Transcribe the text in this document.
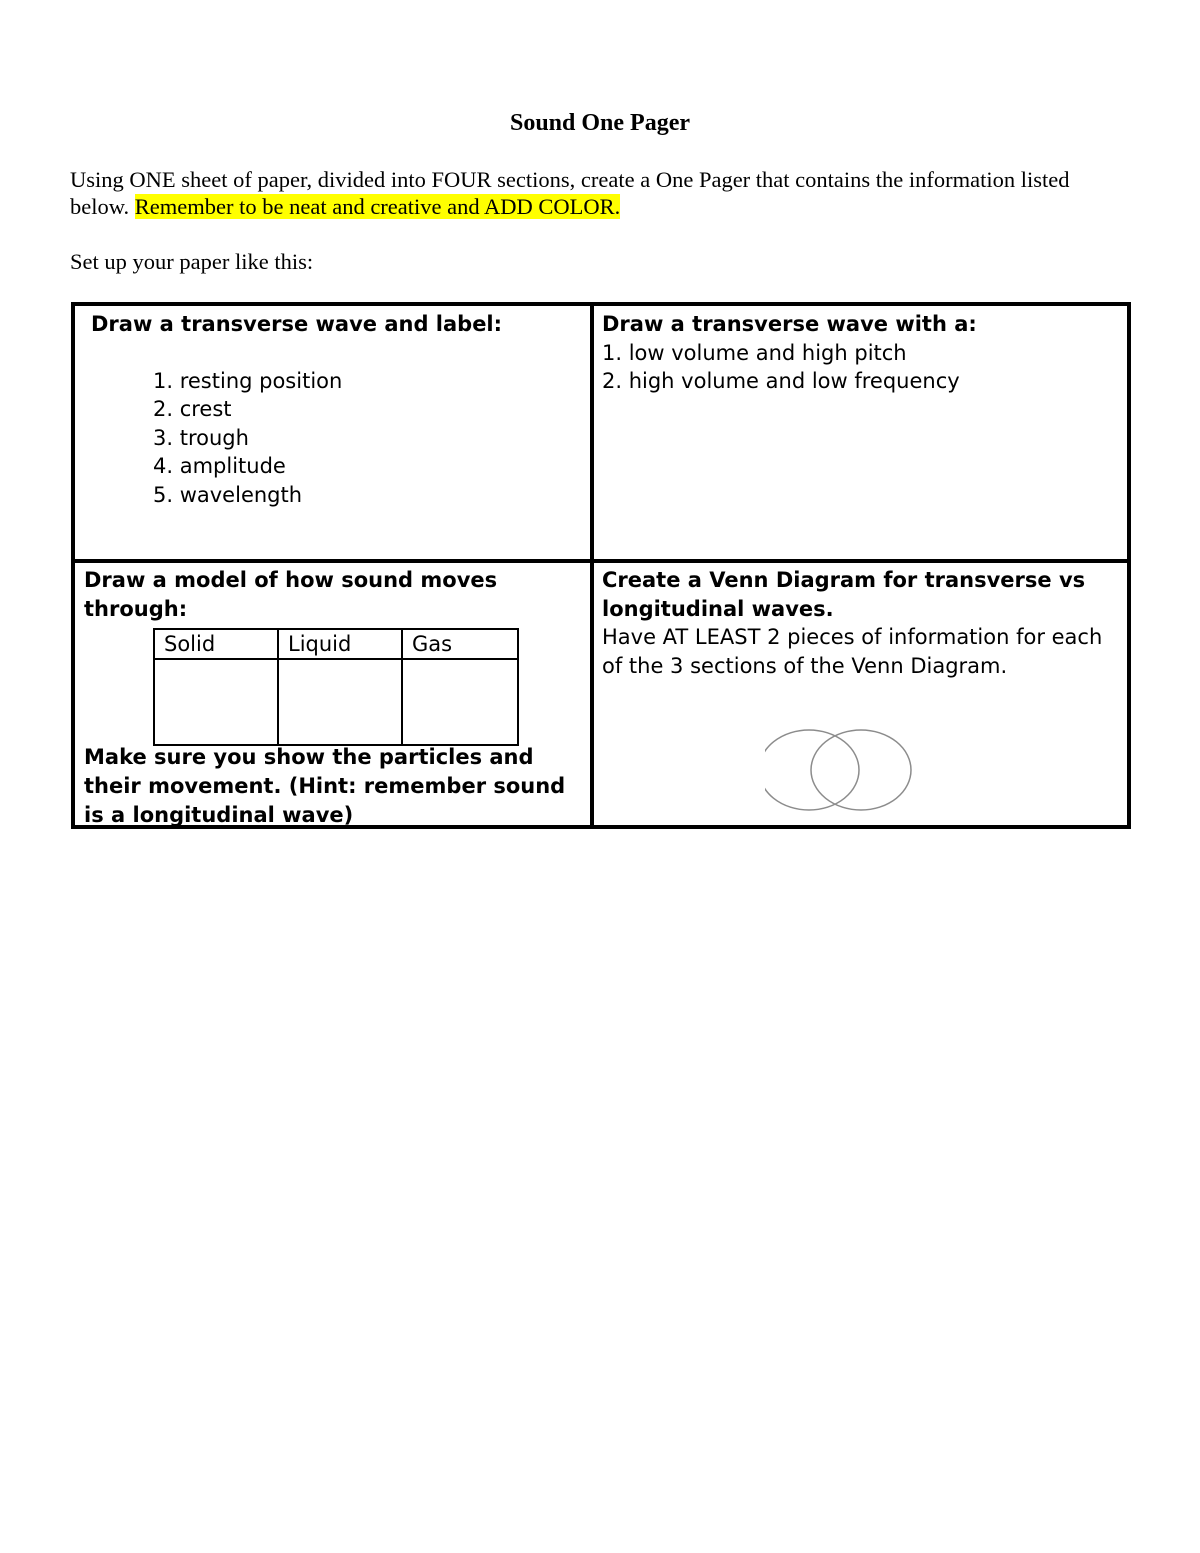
Sound One Pager

Using ONE sheet of paper, divided into FOUR sections, create a One Pager that contains the information listed below. Remember to be neat and creative and ADD COLOR.

Set up your paper like this:

Draw a transverse wave and label:

1. resting position
2. crest
3. trough
4. amplitude
5. wavelength

Draw a transverse wave with a:

1. low volume and high pitch

2. high volume and low frequency

Draw a model of how sound moves through:

Solid	Liquid	Gas

Make sure you show the particles and their movement. (Hint: remember sound is a longitudinal wave)

Create a Venn Diagram for transverse vs longitudinal waves.

Have AT LEAST 2 pieces of information for each of the 3 sections of the Venn Diagram.
